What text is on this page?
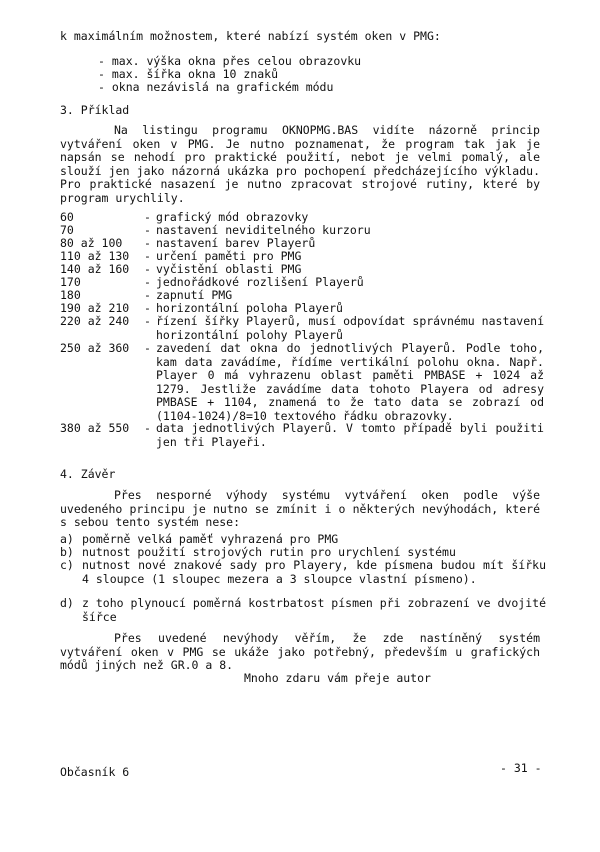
k maximálním možnostem, které nabízí systém oken v PMG:
- max. výška okna přes celou obrazovku
- max. šířka okna 10 znaků
- okna nezávislá na grafickém módu
3. Příklad
Na listingu programu OKNOPMG.BAS vidíte názorně princip vytváření oken v PMG. Je nutno poznamenat, že program tak jak je napsán se nehodí pro praktické použití, nebot je velmi pomalý, ale slouží jen jako názorná ukázka pro pochopení předcházejícího výkladu. Pro praktické nasazení je nutno zpracovat strojové rutiny, které by program urychlily.
60	- grafický mód obrazovky
70	- nastavení neviditelného kurzoru
80 až 100	- nastavení barev Playerů
110 až 130	- určení paměti pro PMG
140 až 160	- vyčistění oblasti PMG
170	- jednořádkové rozlišení Playerů
180	- zapnutí PMG
190 až 210	- horizontální poloha Playerů
220 až 240	- řízení šířky Playerů, musí odpovídat správnému nastavení horizontální polohy Playerů
250 až 360	- zavedení dat okna do jednotlivých Playerů. Podle toho, kam data zavádíme, řídíme vertikální polohu okna. Např. Player 0 má vyhrazenu oblast paměti PMBASE + 1024 až 1279. Jestliže zavádíme data tohoto Playera od adresy PMBASE + 1104, znamená to že tato data se zobrazí od (1104-1024)/8=10 textového řádku obrazovky.
380 až 550	- data jednotlivých Playerů. V tomto případě byli použiti jen tři Playeři.
4. Závěr
Přes nesporné výhody systému vytváření oken podle výše uvedeného principu je nutno se zmínit i o některých nevýhodách, které s sebou tento systém nese:
a) poměrně velká paměť vyhrazená pro PMG
b) nutnost použití strojových rutin pro urychlení systému
c) nutnost nové znakové sady pro Playery, kde písmena budou mít šířku 4 sloupce (1 sloupec mezera a 3 sloupce vlastní písmeno).
d) z toho plynoucí poměrná kostrbatost písmen při zobrazení ve dvojité šířce
Přes uvedené nevýhody věřím, že zde nastíněný systém vytváření oken v PMG se ukáže jako potřebný, především u grafických módů jiných než GR.0 a 8.
Mnoho zdaru vám přeje autor
Občasník 6	- 31 -
